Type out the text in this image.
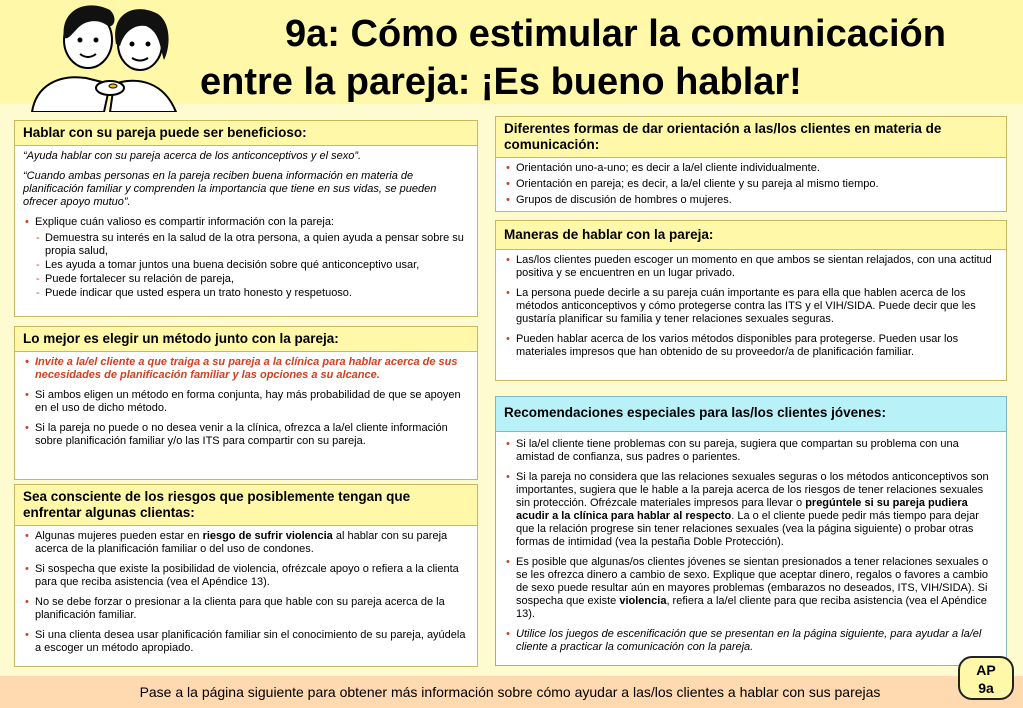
9a: Cómo estimular la comunicación
entre la pareja: ¡Es bueno hablar!
Hablar con su pareja puede ser beneficioso:

“Ayuda hablar con su pareja acerca de los anticonceptivos y el sexo”.

“Cuando ambas personas en la pareja reciben buena información en materia de planificación familiar y comprenden la importancia que tiene en sus vidas, se pueden ofrecer apoyo mutuo”.

• Explique cuán valioso es compartir información con la pareja:
- Demuestra su interés en la salud de la otra persona, a quien ayuda a pensar sobre su propia salud,
- Les ayuda a tomar juntos una buena decisión sobre qué anticonceptivo usar,
- Puede fortalecer su relación de pareja,
- Puede indicar que usted espera un trato honesto y respetuoso.
Lo mejor es elegir un método junto con la pareja:
• Invite a la/el cliente a que traiga a su pareja a la clínica para hablar acerca de sus necesidades de planificación familiar y las opciones a su alcance.
• Si ambos eligen un método en forma conjunta, hay más probabilidad de que se apoyen en el uso de dicho método.
• Si la pareja no puede o no desea venir a la clínica, ofrezca a la/el cliente información sobre planificación familiar y/o las ITS para compartir con su pareja.
Sea consciente de los riesgos que posiblemente tengan que enfrentar algunas clientas:
• Algunas mujeres pueden estar en riesgo de sufrir violencia al hablar con su pareja acerca de la planificación familiar o del uso de condones.
• Si sospecha que existe la posibilidad de violencia, ofrézcale apoyo o refiera a la clienta para que reciba asistencia (vea el Apéndice 13).
• No se debe forzar o presionar a la clienta para que hable con su pareja acerca de la planificación familiar.
• Si una clienta desea usar planificación familiar sin el conocimiento de su pareja, ayúdela a escoger un método apropiado.
Diferentes formas de dar orientación a las/los clientes en materia de comunicación:
• Orientación uno-a-uno; es decir a la/el cliente individualmente.
• Orientación en pareja; es decir, a la/el cliente y su pareja al mismo tiempo.
• Grupos de discusión de hombres o mujeres.
Maneras de hablar con la pareja:
• Las/los clientes pueden escoger un momento en que ambos se sientan relajados, con una actitud positiva y se encuentren en un lugar privado.
• La persona puede decirle a su pareja cuán importante es para ella que hablen acerca de los métodos anticonceptivos y cómo protegerse contra las ITS y el VIH/SIDA. Puede decir que les gustaría planificar su familia y tener relaciones sexuales seguras.
• Pueden hablar acerca de los varios métodos disponibles para protegerse. Pueden usar los materiales impresos que han obtenido de su proveedor/a de planificación familiar.
Recomendaciones especiales para las/los clientes jóvenes:
• Si la/el cliente tiene problemas con su pareja, sugiera que compartan su problema con una amistad de confianza, sus padres o parientes.
• Si la pareja no considera que las relaciones sexuales seguras o los métodos anticonceptivos son importantes, sugiera que le hable a la pareja acerca de los riesgos de tener relaciones sexuales sin protección. Ofrézcale materiales impresos para llevar o pregúntele si su pareja pudiera acudir a la clínica para hablar al respecto. La o el cliente puede pedir más tiempo para dejar que la relación progrese sin tener relaciones sexuales (vea la página siguiente) o probar otras formas de intimidad (vea la pestaña Doble Protección).
• Es posible que algunas/os clientes jóvenes se sientan presionados a tener relaciones sexuales o se les ofrezca dinero a cambio de sexo. Explique que aceptar dinero, regalos o favores a cambio de sexo puede resultar aún en mayores problemas (embarazos no deseados, ITS, VIH/SIDA). Si sospecha que existe violencia, refiera a la/el cliente para que reciba asistencia (vea el Apéndice 13).
• Utilice los juegos de escenificación que se presentan en la página siguiente, para ayudar a la/el cliente a practicar la comunicación con la pareja.
Pase a la página siguiente para obtener más información sobre cómo ayudar a las/los clientes a hablar con sus parejas
AP
9a
